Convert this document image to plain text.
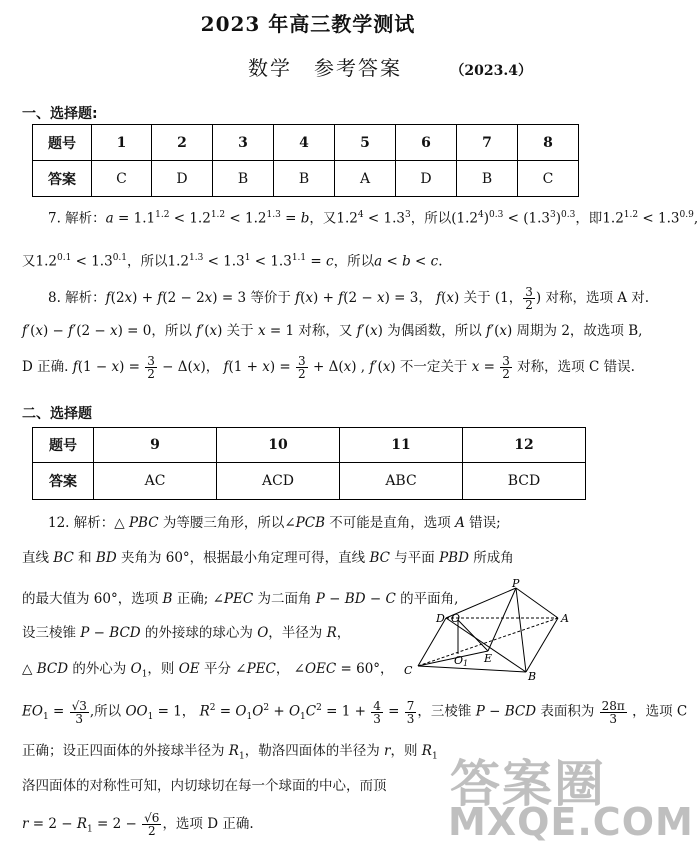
2023 年高三教学测试
数学　参考答案	（2023.4）
一、选择题:
题号	1	2	3	4	5	6	7	8
答案	C	D	B	B	A	D	B	C
7. 解析：$a = 1.1^{1.2} < 1.2^{1.2} < 1.2^{1.3} = b$，又$1.2^4 < 1.3^3$，所以$(1.2^4)^{0.3} < (1.3^3)^{0.3}$，即$1.2^{1.2} < 1.3^{0.9}$,
又$1.2^{0.1} < 1.3^{0.1}$，所以$1.2^{1.3} < 1.3^1 < 1.3^{1.1} = c$，所以a < b < c.
8. 解析：f(2x) + f(2 − 2x) = 3 等价于 f(x) + f(2 − x) = 3， f(x) 关于 (1， $\frac{3}{2}$ ) 对称，选项 A 对.
f′(x) − f′(2 − x) = 0，所以 f′(x) 关于 x = 1 对称，又 f′(x) 为偶函数，所以 f′(x) 周期为 2，故选项 B,
D 正确. $f(1 - x) = \frac{3}{2} - \Delta(x)$， $f(1 + x) = \frac{3}{2} + \Delta(x)$ , f′(x) 不一定关于 $x = \frac{3}{2}$ 对称，选项 C 错误.
二、选择题
题号	9	10	11	12
答案	AC	ACD	ABC	BCD
12. 解析：△ PBC 为等腰三角形，所以∠PCB 不可能是直角，选项 A 错误;
直线 BC 和 BD 夹角为 60°，根据最小角定理可得，直线 BC 与平面 PBD 所成角
的最大值为 60°，选项 B 正确; ∠PEC 为二面角 P − BD − C 的平面角,
设三棱锥 P − BCD 的外接球的球心为 O，半径为 R，
△ BCD 的外心为 $O_1$，则 OE 平分 ∠PEC， ∠OEC = 60°，
$EO_1 = \frac{√3}{3}$ ,所以 $OO_1 = 1$， $R^2 = O_1O^2 + O_1C^2 = 1 + \frac{4}{3} = \frac{7}{3}$ ，三棱锥 P − BCD 表面积为 $\frac{28\pi}{3}$ ，选项 C
正确；设正四面体的外接球半径为 $R_1$，勒洛四面体的半径为 r，则 $R_1$
洛四面体的对称性可知，内切球切在每一个球面的中心，而顶
$r = 2 - R_1 = 2 - \frac{√6}{2}$ ，选项 D 正确.
P
D O	A
E
O1
C	B
答案圈
MXQE.COM
